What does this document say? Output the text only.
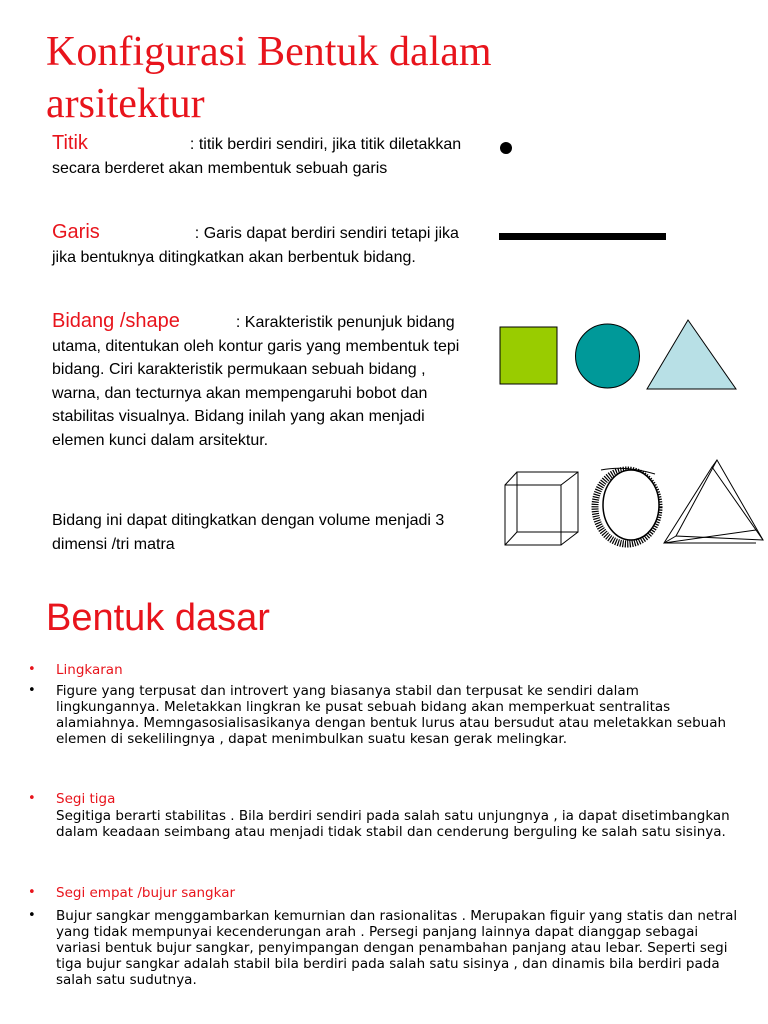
Konfigurasi Bentuk dalam arsitektur
Titik	: titik berdiri sendiri, jika titik diletakkan secara berderet akan membentuk sebuah garis
Garis	: Garis dapat berdiri sendiri tetapi jika jika bentuknya ditingkatkan akan berbentuk bidang.
Bidang /shape	: Karakteristik penunjuk bidang utama, ditentukan oleh kontur garis yang membentuk tepi bidang. Ciri karakteristik permukaan sebuah bidang , warna, dan tecturnya akan mempengaruhi bobot dan stabilitas visualnya. Bidang inilah yang akan menjadi elemen kunci dalam arsitektur.
Bidang ini dapat ditingkatkan dengan volume menjadi 3 dimensi /tri matra
Bentuk dasar
• Lingkaran
• Figure yang terpusat dan introvert yang biasanya stabil dan terpusat ke sendiri dalam lingkungannya. Meletakkan lingkran ke pusat sebuah bidang akan memperkuat sentralitas alamiahnya. Memngasosialisasikanya dengan bentuk lurus atau bersudut atau meletakkan sebuah elemen di sekelilingnya , dapat menimbulkan suatu kesan gerak melingkar.
• Segi tiga
Segitiga berarti stabilitas . Bila berdiri sendiri pada salah satu unjungnya , ia dapat disetimbangkan dalam keadaan seimbang atau menjadi tidak stabil dan cenderung berguling ke salah satu sisinya.
• Segi empat /bujur sangkar
• Bujur sangkar menggambarkan kemurnian dan rasionalitas . Merupakan figuir yang statis dan netral yang tidak mempunyai kecenderungan arah . Persegi panjang lainnya dapat dianggap sebagai variasi bentuk bujur sangkar, penyimpangan dengan penambahan panjang atau lebar. Seperti segi tiga bujur sangkar adalah stabil bila berdiri pada salah satu sisinya , dan dinamis bila berdiri pada salah satu sudutnya.
